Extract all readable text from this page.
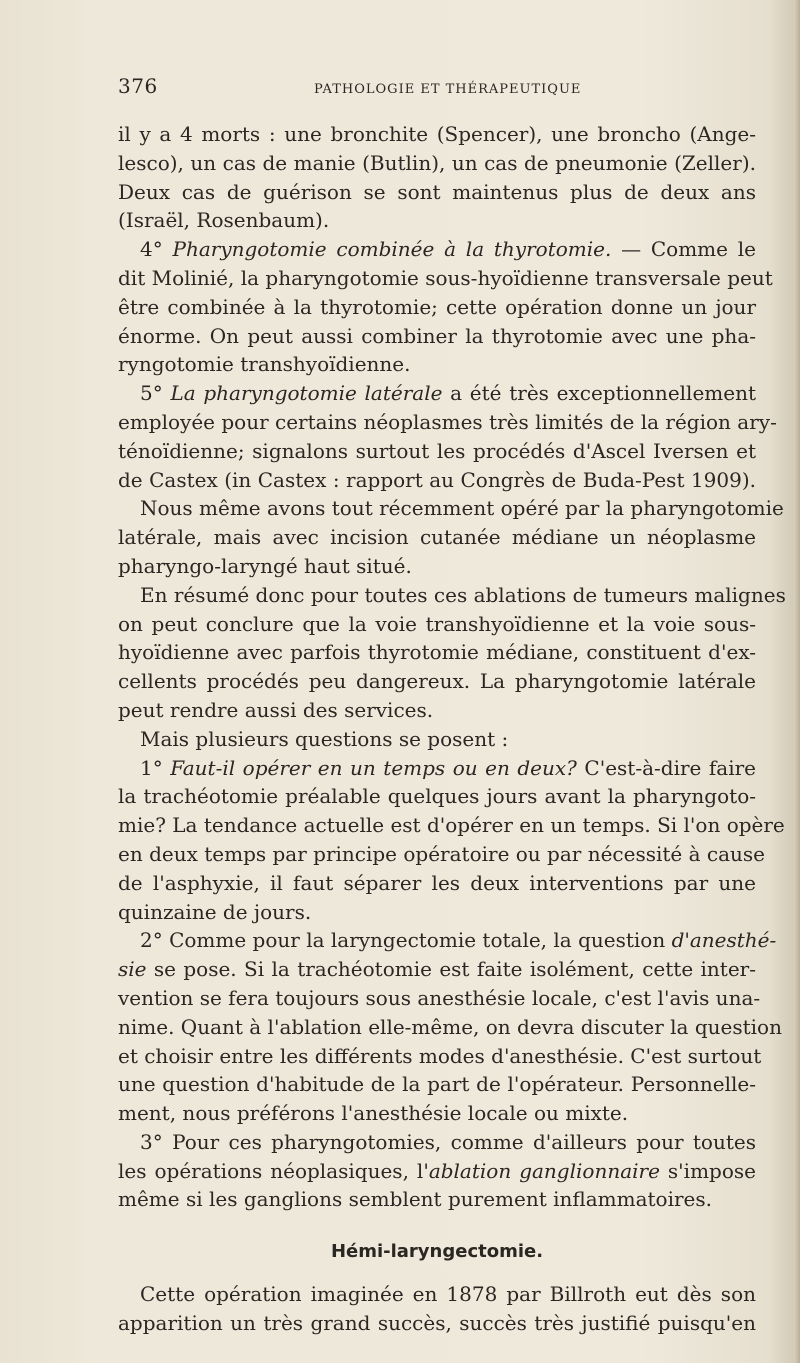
376	PATHOLOGIE ET THÉRAPEUTIQUE
il y a 4 morts : une bronchite (Spencer), une broncho (Ange-
lesco), un cas de manie (Butlin), un cas de pneumonie (Zeller).
Deux cas de guérison se sont maintenus plus de deux ans
(Israël, Rosenbaum).
4° Pharyngotomie combinée à la thyrotomie. — Comme le
dit Molinié, la pharyngotomie sous-hyoïdienne transversale peut
être combinée à la thyrotomie; cette opération donne un jour
énorme. On peut aussi combiner la thyrotomie avec une pha-
ryngotomie transhyoïdienne.
5° La pharyngotomie latérale a été très exceptionnellement
employée pour certains néoplasmes très limités de la région ary-
ténoïdienne; signalons surtout les procédés d'Ascel Iversen et
de Castex (in Castex : rapport au Congrès de Buda-Pest 1909).
Nous même avons tout récemment opéré par la pharyngotomie
latérale, mais avec incision cutanée médiane un néoplasme
pharyngo-laryngé haut situé.
En résumé donc pour toutes ces ablations de tumeurs malignes
on peut conclure que la voie transhyoïdienne et la voie sous-
hyoïdienne avec parfois thyrotomie médiane, constituent d'ex-
cellents procédés peu dangereux. La pharyngotomie latérale
peut rendre aussi des services.
Mais plusieurs questions se posent :
1° Faut-il opérer en un temps ou en deux? C'est-à-dire faire
la trachéotomie préalable quelques jours avant la pharyngoto-
mie? La tendance actuelle est d'opérer en un temps. Si l'on opère
en deux temps par principe opératoire ou par nécessité à cause
de l'asphyxie, il faut séparer les deux interventions par une
quinzaine de jours.
2° Comme pour la laryngectomie totale, la question d'anesthé-
sie se pose. Si la trachéotomie est faite isolément, cette inter-
vention se fera toujours sous anesthésie locale, c'est l'avis una-
nime. Quant à l'ablation elle-même, on devra discuter la question
et choisir entre les différents modes d'anesthésie. C'est surtout
une question d'habitude de la part de l'opérateur. Personnelle-
ment, nous préférons l'anesthésie locale ou mixte.
3° Pour ces pharyngotomies, comme d'ailleurs pour toutes
les opérations néoplasiques, l'ablation ganglionnaire s'impose
même si les ganglions semblent purement inflammatoires.
Hémi-laryngectomie.
Cette opération imaginée en 1878 par Billroth eut dès son
apparition un très grand succès, succès très justifié puisqu'en
